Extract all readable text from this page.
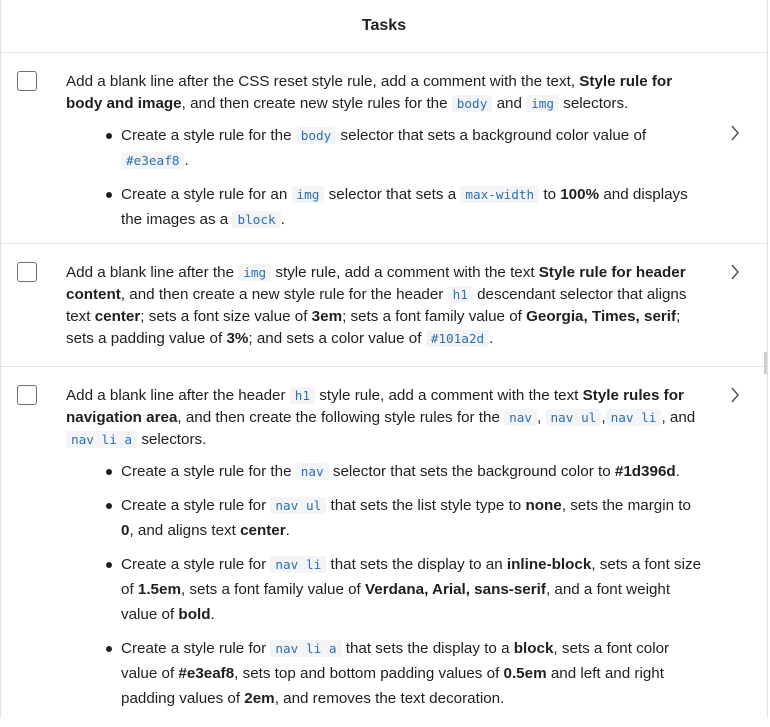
Tasks

Add a blank line after the CSS reset style rule, add a comment with the text, Style rule for body and image, and then create new style rules for the body and img selectors.

Create a style rule for the body selector that sets a background color value of #e3eaf8 .
Create a style rule for an img selector that sets a max-width to 100% and displays the images as a block .

Add a blank line after the img style rule, add a comment with the text Style rule for header content, and then create a new style rule for the header h1 descendant selector that aligns text center; sets a font size value of 3em; sets a font family value of Georgia, Times, serif; sets a padding value of 3%; and sets a color value of #101a2d .

Add a blank line after the header h1 style rule, add a comment with the text Style rules for navigation area, and then create the following style rules for the nav , nav ul , nav li , and nav li a selectors.

Create a style rule for the nav selector that sets the background color to #1d396d.
Create a style rule for nav ul that sets the list style type to none, sets the margin to 0, and aligns text center.
Create a style rule for nav li that sets the display to an inline-block, sets a font size of 1.5em, sets a font family value of Verdana, Arial, sans-serif, and a font weight value of bold.
Create a style rule for nav li a that sets the display to a block, sets a font color value of #e3eaf8, sets top and bottom padding values of 0.5em and left and right padding values of 2em, and removes the text decoration.
